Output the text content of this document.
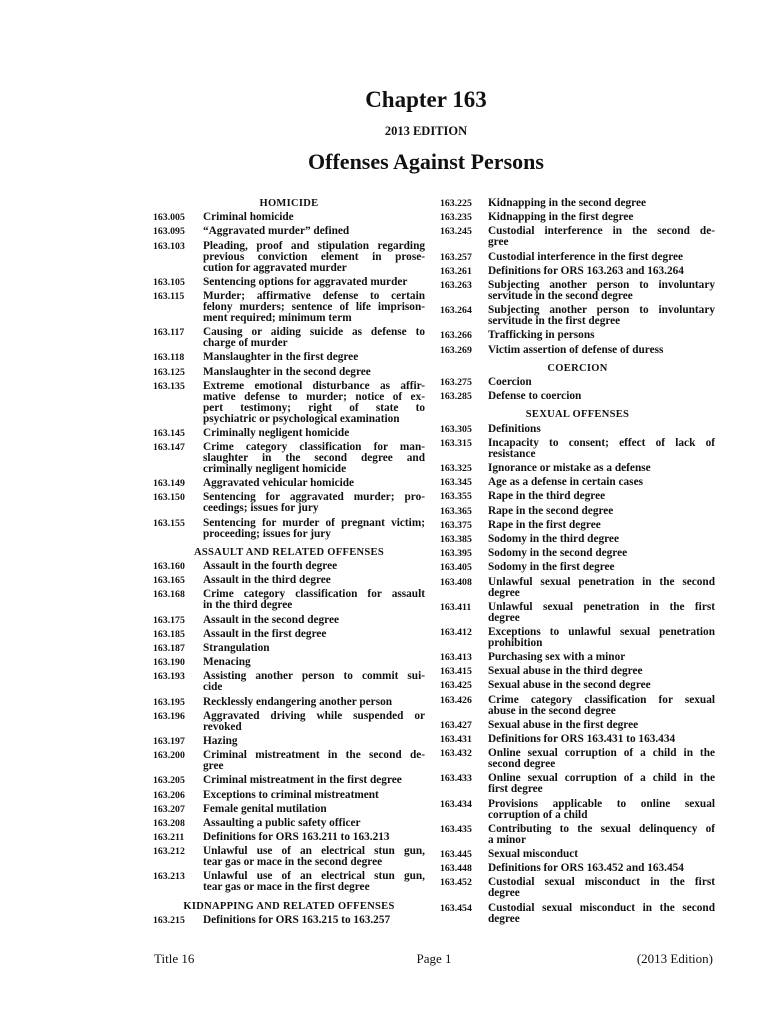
Chapter 163
2013 EDITION
Offenses Against Persons
HOMICIDE
163.005	Criminal homicide
163.095	“Aggravated murder” defined
163.103	Pleading, proof and stipulation regarding
previous conviction element in prose-
cution for aggravated murder
163.105	Sentencing options for aggravated murder
163.115	Murder; affirmative defense to certain
felony murders; sentence of life imprison-
ment required; minimum term
163.117	Causing or aiding suicide as defense to
charge of murder
163.118	Manslaughter in the first degree
163.125	Manslaughter in the second degree
163.135	Extreme emotional disturbance as affir-
mative defense to murder; notice of ex-
pert testimony; right of state to
psychiatric or psychological examination
163.145	Criminally negligent homicide
163.147	Crime category classification for man-
slaughter in the second degree and
criminally negligent homicide
163.149	Aggravated vehicular homicide
163.150	Sentencing for aggravated murder; pro-
ceedings; issues for jury
163.155	Sentencing for murder of pregnant victim;
proceeding; issues for jury
ASSAULT AND RELATED OFFENSES
163.160	Assault in the fourth degree
163.165	Assault in the third degree
163.168	Crime category classification for assault
in the third degree
163.175	Assault in the second degree
163.185	Assault in the first degree
163.187	Strangulation
163.190	Menacing
163.193	Assisting another person to commit sui-
cide
163.195	Recklessly endangering another person
163.196	Aggravated driving while suspended or
revoked
163.197	Hazing
163.200	Criminal mistreatment in the second de-
gree
163.205	Criminal mistreatment in the first degree
163.206	Exceptions to criminal mistreatment
163.207	Female genital mutilation
163.208	Assaulting a public safety officer
163.211	Definitions for ORS 163.211 to 163.213
163.212	Unlawful use of an electrical stun gun,
tear gas or mace in the second degree
163.213	Unlawful use of an electrical stun gun,
tear gas or mace in the first degree
KIDNAPPING AND RELATED OFFENSES
163.215	Definitions for ORS 163.215 to 163.257
163.225	Kidnapping in the second degree
163.235	Kidnapping in the first degree
163.245	Custodial interference in the second de-
gree
163.257	Custodial interference in the first degree
163.261	Definitions for ORS 163.263 and 163.264
163.263	Subjecting another person to involuntary
servitude in the second degree
163.264	Subjecting another person to involuntary
servitude in the first degree
163.266	Trafficking in persons
163.269	Victim assertion of defense of duress
COERCION
163.275	Coercion
163.285	Defense to coercion
SEXUAL OFFENSES
163.305	Definitions
163.315	Incapacity to consent; effect of lack of
resistance
163.325	Ignorance or mistake as a defense
163.345	Age as a defense in certain cases
163.355	Rape in the third degree
163.365	Rape in the second degree
163.375	Rape in the first degree
163.385	Sodomy in the third degree
163.395	Sodomy in the second degree
163.405	Sodomy in the first degree
163.408	Unlawful sexual penetration in the second
degree
163.411	Unlawful sexual penetration in the first
degree
163.412	Exceptions to unlawful sexual penetration
prohibition
163.413	Purchasing sex with a minor
163.415	Sexual abuse in the third degree
163.425	Sexual abuse in the second degree
163.426	Crime category classification for sexual
abuse in the second degree
163.427	Sexual abuse in the first degree
163.431	Definitions for ORS 163.431 to 163.434
163.432	Online sexual corruption of a child in the
second degree
163.433	Online sexual corruption of a child in the
first degree
163.434	Provisions applicable to online sexual
corruption of a child
163.435	Contributing to the sexual delinquency of
a minor
163.445	Sexual misconduct
163.448	Definitions for ORS 163.452 and 163.454
163.452	Custodial sexual misconduct in the first
degree
163.454	Custodial sexual misconduct in the second
degree
Title 16	Page 1	(2013 Edition)
